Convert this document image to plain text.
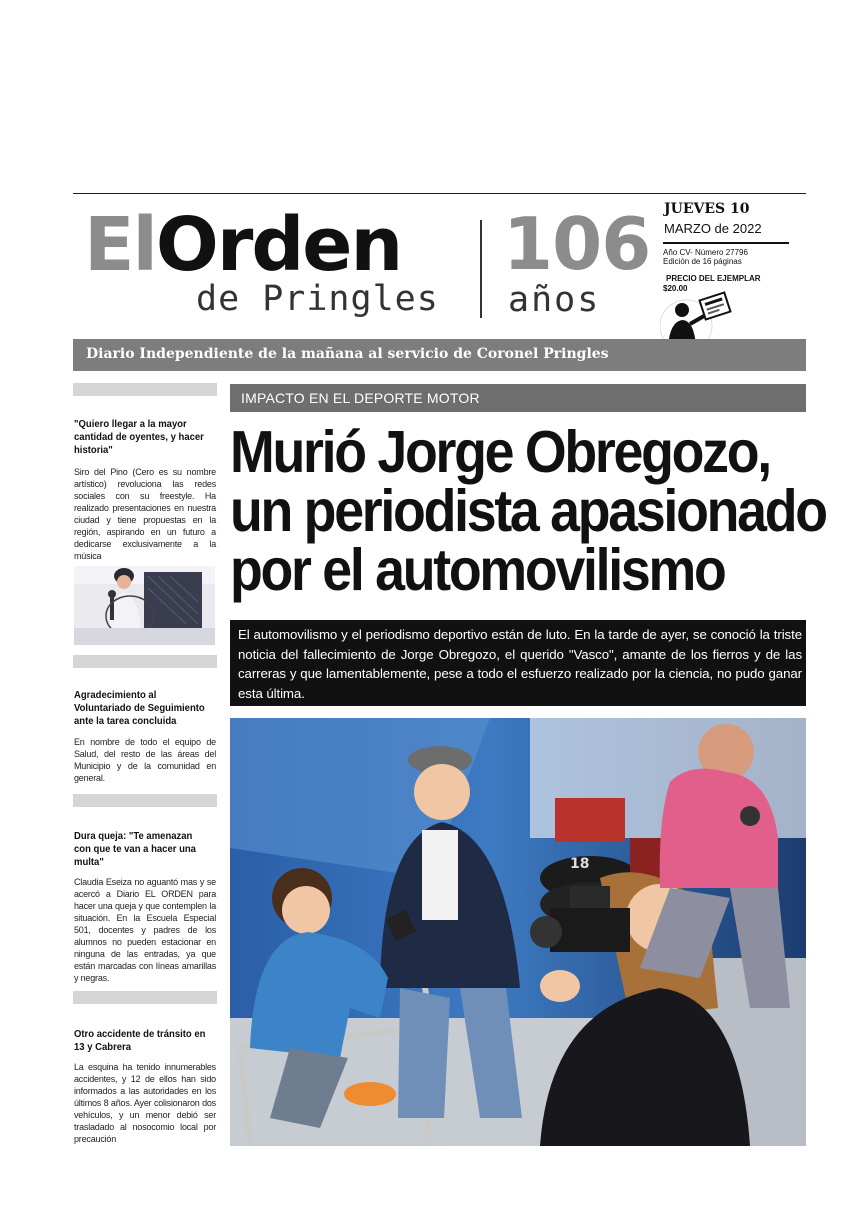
ElOrden
de Pringles
106
años
JUEVES 10
MARZO de 2022
Año CV- Número 27796
Edición de 16 páginas
PRECIO DEL EJEMPLAR
$20.00
Diario Independiente de la mañana al servicio de Coronel Pringles
"Quiero llegar a la mayor cantidad de oyentes, y hacer historia"
Siro del Pino (Cero es su nombre artístico) revoluciona las redes sociales con su freestyle. Ha realizado presentaciones en nuestra ciudad y tiene propuestas en la región, aspirando en un futuro a dedicarse exclusivamente a la música
Agradecimiento al Voluntariado de Seguimiento ante la tarea concluida
En nombre de todo el equipo de Salud, del resto de las áreas del Municipio y de la comunidad en general.
Dura queja: "Te amenazan con que te van a hacer una multa"
Claudia Eseiza no aguantó mas y se acercó a Diario EL ORDEN para hacer una queja y que contemplen la situación. En la Escuela Especial 501, docentes y padres de los alumnos no pueden estacionar en ninguna de las entradas, ya que están marcadas con líneas amarillas y negras.
Otro accidente de tránsito en 13 y Cabrera
La esquina ha tenido innumerables accidentes, y 12 de ellos han sido informados a las autoridades en los últimos 8 años. Ayer colisionaron dos vehículos, y un menor debió ser trasladado al nosocomio local por precaución
IMPACTO EN EL DEPORTE MOTOR
Murió Jorge Obregozo,
un periodista apasionado
por el automovilismo
El automovilismo y el periodismo deportivo están de luto. En la tarde de ayer, se conoció la triste noticia del fallecimiento de Jorge Obregozo, el querido "Vasco", amante de los fierros y de las carreras y que lamentablemente, pese a todo el esfuerzo realizado por la ciencia, no pudo ganar esta última.
18
